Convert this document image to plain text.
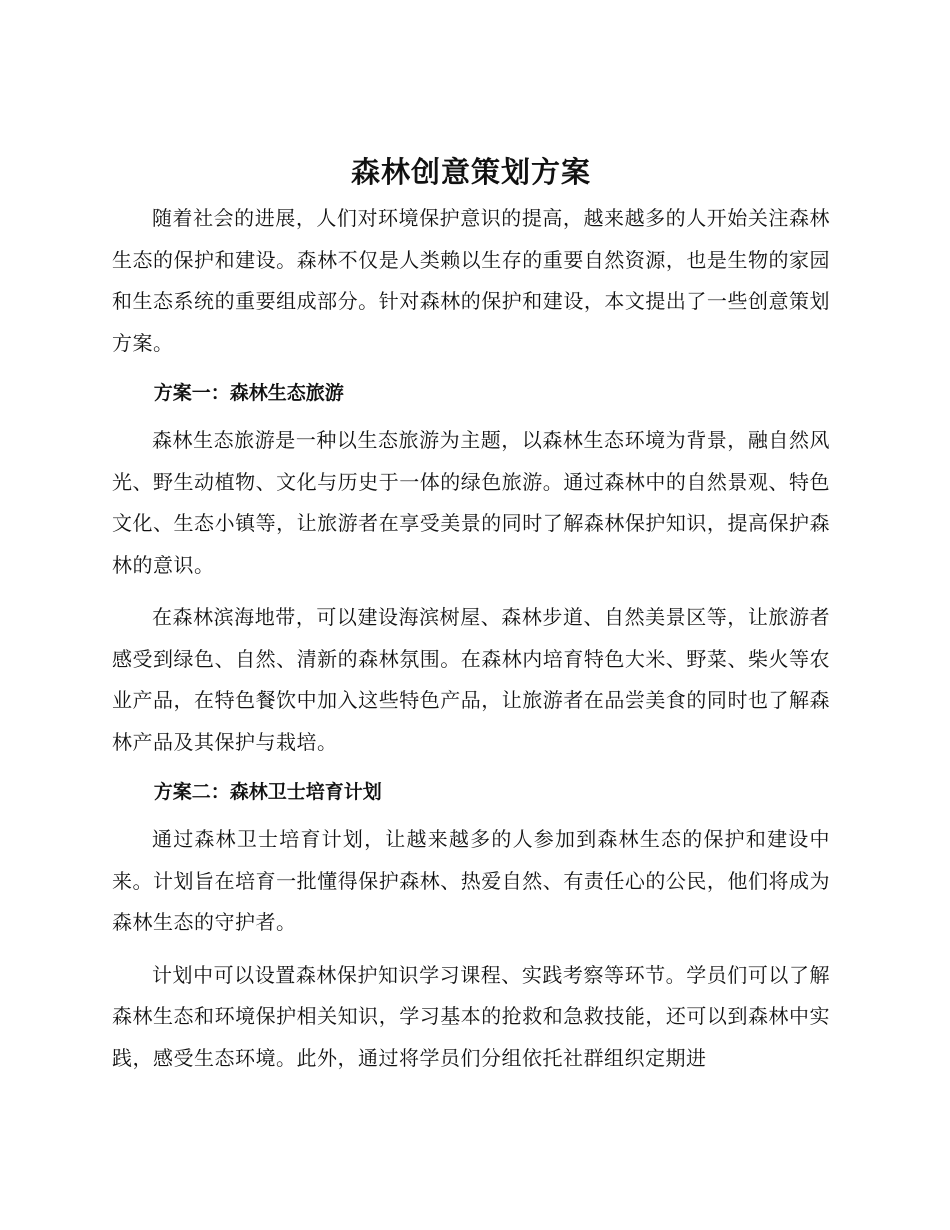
森林创意策划方案

随着社会的进展，人们对环境保护意识的提高，越来越多的人开始关注森林生态的保护和建设。森林不仅是人类赖以生存的重要自然资源，也是生物的家园和生态系统的重要组成部分。针对森林的保护和建设，本文提出了一些创意策划方案。

方案一：森林生态旅游

森林生态旅游是一种以生态旅游为主题，以森林生态环境为背景，融自然风光、野生动植物、文化与历史于一体的绿色旅游。通过森林中的自然景观、特色文化、生态小镇等，让旅游者在享受美景的同时了解森林保护知识，提高保护森林的意识。

在森林滨海地带，可以建设海滨树屋、森林步道、自然美景区等，让旅游者感受到绿色、自然、清新的森林氛围。在森林内培育特色大米、野菜、柴火等农业产品，在特色餐饮中加入这些特色产品，让旅游者在品尝美食的同时也了解森林产品及其保护与栽培。

方案二：森林卫士培育计划

通过森林卫士培育计划，让越来越多的人参加到森林生态的保护和建设中来。计划旨在培育一批懂得保护森林、热爱自然、有责任心的公民，他们将成为森林生态的守护者。

计划中可以设置森林保护知识学习课程、实践考察等环节。学员们可以了解森林生态和环境保护相关知识，学习基本的抢救和急救技能，还可以到森林中实践，感受生态环境。此外，通过将学员们分组依托社群组织定期进
